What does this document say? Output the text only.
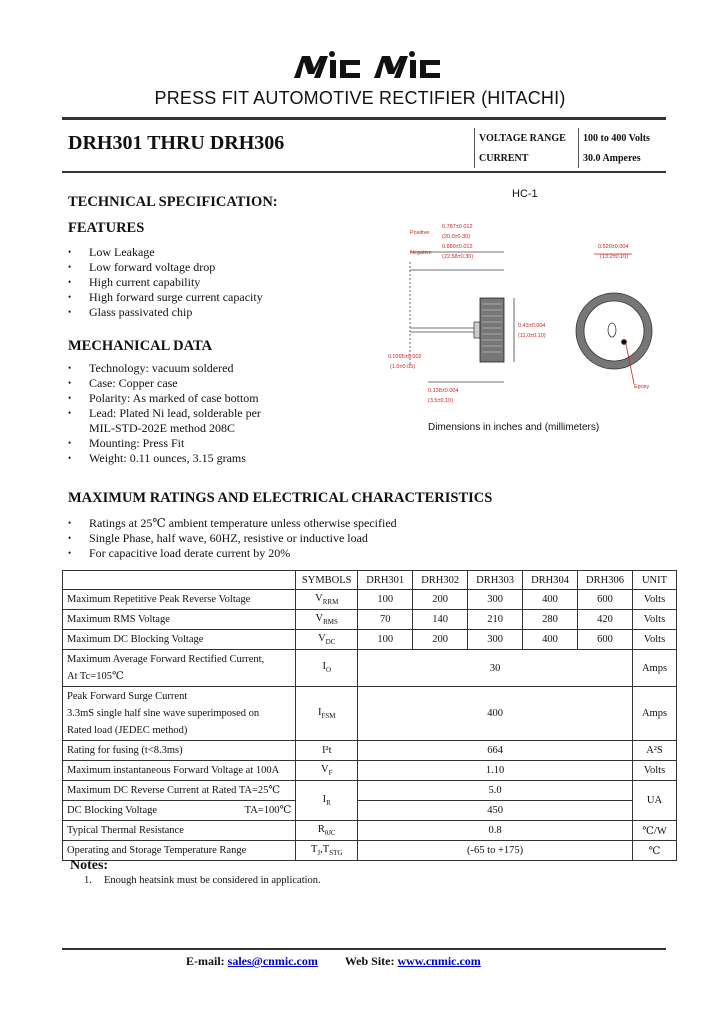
PRESS FIT AUTOMOTIVE RECTIFIER (HITACHI)
DRH301 THRU DRH306	VOLTAGE RANGE	100 to 400 Volts
CURRENT	30.0 Amperes
TECHNICAL SPECIFICATION:
FEATURES
• Low Leakage
• Low forward voltage drop
• High current capability
• High forward surge current capacity
• Glass passivated chip
MECHANICAL DATA
• Technology: vacuum soldered
• Case: Copper case
• Polarity: As marked of case bottom
• Lead: Plated Ni lead, solderable per
MIL-STD-202E method 208C
• Mounting: Press Fit
• Weight: 0.11 ounces, 3.15 grams
HC-1
Positive
0.787±0.012
(20.0±0.30)
Negative
0.889±0.012
(22.58±0.30)
0.43±0.004
(11.0±0.10)
0.0395±0.002
(1.0±0.05)
0.138±0.004
(3.5±0.10)
0.520±0.004
(13.2±0.10)
Epoxy
Dimensions in inches and (millimeters)
MAXIMUM RATINGS AND ELECTRICAL CHARACTERISTICS
• Ratings at 25℃ ambient temperature unless otherwise specified
• Single Phase, half wave, 60HZ, resistive or inductive load
• For capacitive load derate current by 20%
	SYMBOLS	DRH301	DRH302	DRH303	DRH304	DRH306	UNIT
Maximum Repetitive Peak Reverse Voltage	$V_{RRM}$	100	200	300	400	600	Volts
Maximum RMS Voltage	$V_{RMS}$	70	140	210	280	420	Volts
Maximum DC Blocking Voltage	$V_{DC}$	100	200	300	400	600	Volts

Maximum Average Forward Rectified Current,
At Tc=105℃	$I_O$	30					Amps

Peak Forward Surge Current
3.3mS single half sine wave superimposed on
Rated load (JEDEC method)	$I_{FSM}$	400					Amps
Rating for fusing (t<8.3ms)	I²t	664					A²S
Maximum instantaneous Forward Voltage at 100A	$V_F$	1.10					Volts
Maximum DC Reverse Current at Rated TA=25℃	$I_R$	5.0					UA
DC Blocking Voltage TA=100℃		450					
Typical Thermal Resistance	$R_{\theta JC}$	0.8					℃/W
Operating and Storage Temperature Range	$T_J,T_{STG}$	(-65 to +175)					℃
Notes:
1. Enough heatsink must be considered in application.
E-mail: sales@cnmic.com Web Site: www.cnmic.com
